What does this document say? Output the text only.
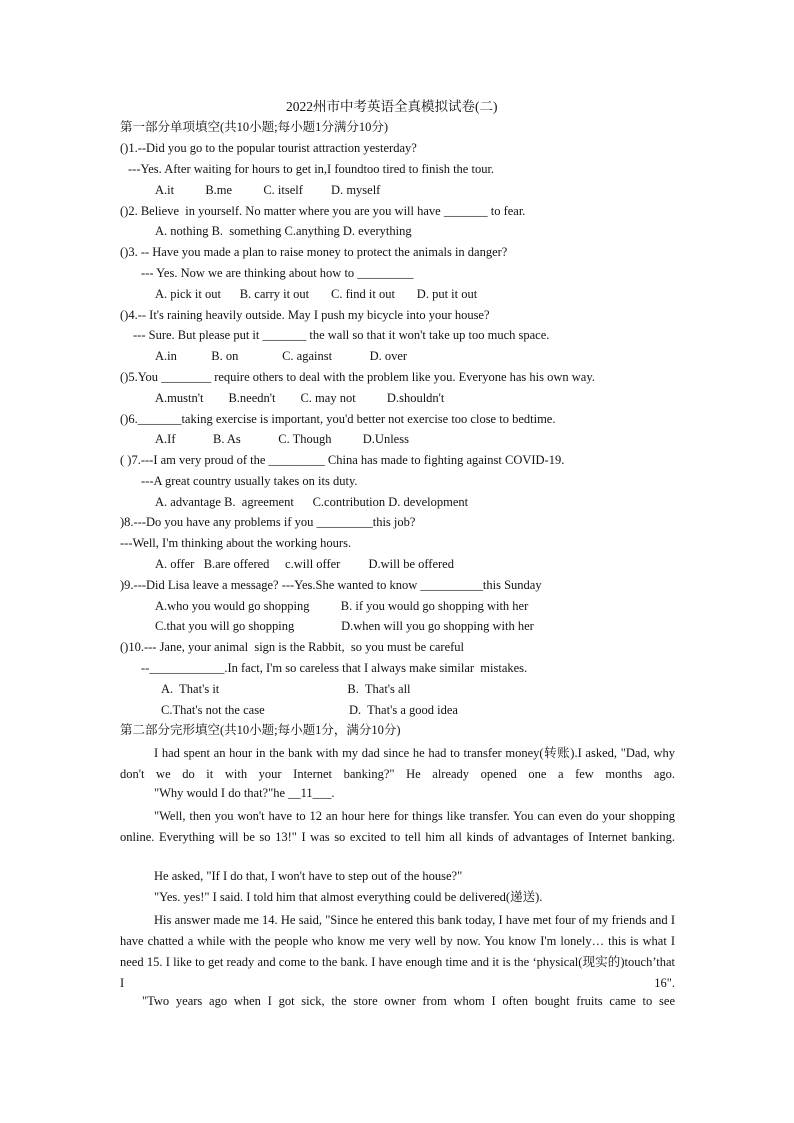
2022州市中考英语全真模拟试卷(二)
第一部分单项填空(共10小题;每小题1分满分10分)
()1.--Did you go to the popular tourist attraction yesterday?
---Yes. After waiting for hours to get in,I foundtoo tired to finish the tour.
A.it          B.me          C. itself         D. myself
()2. Believe  in yourself. No matter where you are you will have _______ to fear.
A. nothing B.  something C.anything D. everything
()3. -- Have you made a plan to raise money to protect the animals in danger?
--- Yes. Now we are thinking about how to _________
A. pick it out      B. carry it out       C. find it out       D. put it out
()4.-- It's raining heavily outside. May I push my bicycle into your house?
--- Sure. But please put it _______ the wall so that it won't take up too much space.
A.in           B. on              C. against            D. over
()5.You ________ require others to deal with the problem like you. Everyone has his own way.
A.mustn't        B.needn't        C. may not          D.shouldn't
()6._______taking exercise is important, you'd better not exercise too close to bedtime.
A.If            B. As            C. Though          D.Unless
( )7.---I am very proud of the _________ China has made to fighting against COVID-19.
---A great country usually takes on its duty.
A. advantage B.  agreement      C.contribution D. development
)8.---Do you have any problems if you _________this job?
---Well, I'm thinking about the working hours.
A. offer   B.are offered     c.will offer         D.will be offered
)9.---Did Lisa leave a message? ---Yes.She wanted to know __________this Sunday
A.who you would go shopping          B. if you would go shopping with her
C.that you will go shopping               D.when will you go shopping with her
()10.--- Jane, your animal  sign is the Rabbit,  so you must be careful
--____________.In fact, I'm so careless that I always make similar  mistakes.
A.  That's it                                         B.  That's all
C.That's not the case                           D.  That's a good idea
第二部分完形填空(共10小题;每小题1分，满分10分)
I had spent an hour in the bank with my dad since he had to transfer money(转账).I asked, "Dad, why don't we do it with your Internet banking?" He already opened one a few months ago.
"Why would I do that?"he __11___.
"Well, then you won't have to 12 an hour here for things like transfer. You can even do your shopping online. Everything will be so 13!" I was so excited to tell him all kinds of advantages of Internet banking.
He asked, "If I do that, I won't have to step out of the house?"
"Yes. yes!" I said. I told him that almost everything could be delivered(递送).
His answer made me 14. He said, "Since he entered this bank today, I have met four of my friends and I have chatted a while with the people who know me very well by now. You know I'm lonely… this is what I need 15. I like to get ready and come to the bank. I have enough time and it is the ‘physical(现实的)touch’that I 16".
"Two years ago when I got sick, the store owner from whom I often bought fruits came to see
